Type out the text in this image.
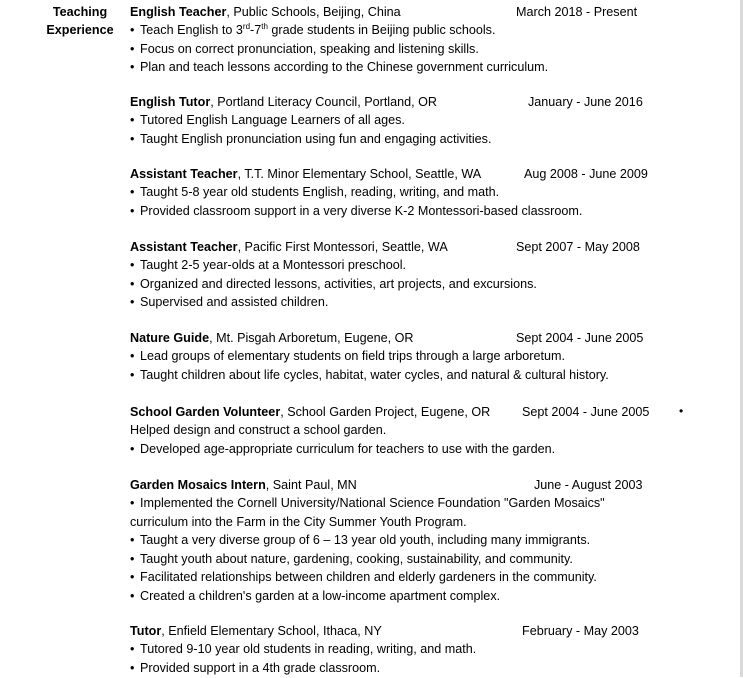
Teaching
Experience
English Teacher, Public Schools, Beijing, China	March 2018 - Present
• Teach English to 3rd-7th grade students in Beijing public schools.
• Focus on correct pronunciation, speaking and listening skills.
• Plan and teach lessons according to the Chinese government curriculum.
English Tutor, Portland Literacy Council, Portland, OR	January - June 2016
• Tutored English Language Learners of all ages.
• Taught English pronunciation using fun and engaging activities.
Assistant Teacher, T.T. Minor Elementary School, Seattle, WA	Aug 2008 - June 2009
• Taught 5-8 year old students English, reading, writing, and math.
• Provided classroom support in a very diverse K-2 Montessori-based classroom.
Assistant Teacher, Pacific First Montessori, Seattle, WA	Sept 2007 - May 2008
• Taught 2-5 year-olds at a Montessori preschool.
• Organized and directed lessons, activities, art projects, and excursions.
• Supervised and assisted children.
Nature Guide, Mt. Pisgah Arboretum, Eugene, OR	Sept 2004 - June 2005
• Lead groups of elementary students on field trips through a large arboretum.
• Taught children about life cycles, habitat, water cycles, and natural & cultural history.
School Garden Volunteer, School Garden Project, Eugene, OR	Sept 2004 - June 2005
Helped design and construct a school garden.
• Developed age-appropriate curriculum for teachers to use with the garden.
Garden Mosaics Intern, Saint Paul, MN	June - August 2003
• Implemented the Cornell University/National Science Foundation "Garden Mosaics"
curriculum into the Farm in the City Summer Youth Program.
• Taught a very diverse group of 6 – 13 year old youth, including many immigrants.
• Taught youth about nature, gardening, cooking, sustainability, and community.
• Facilitated relationships between children and elderly gardeners in the community.
• Created a children's garden at a low-income apartment complex.
Tutor, Enfield Elementary School, Ithaca, NY	February - May 2003
• Tutored 9-10 year old students in reading, writing, and math.
• Provided support in a 4th grade classroom.
•
